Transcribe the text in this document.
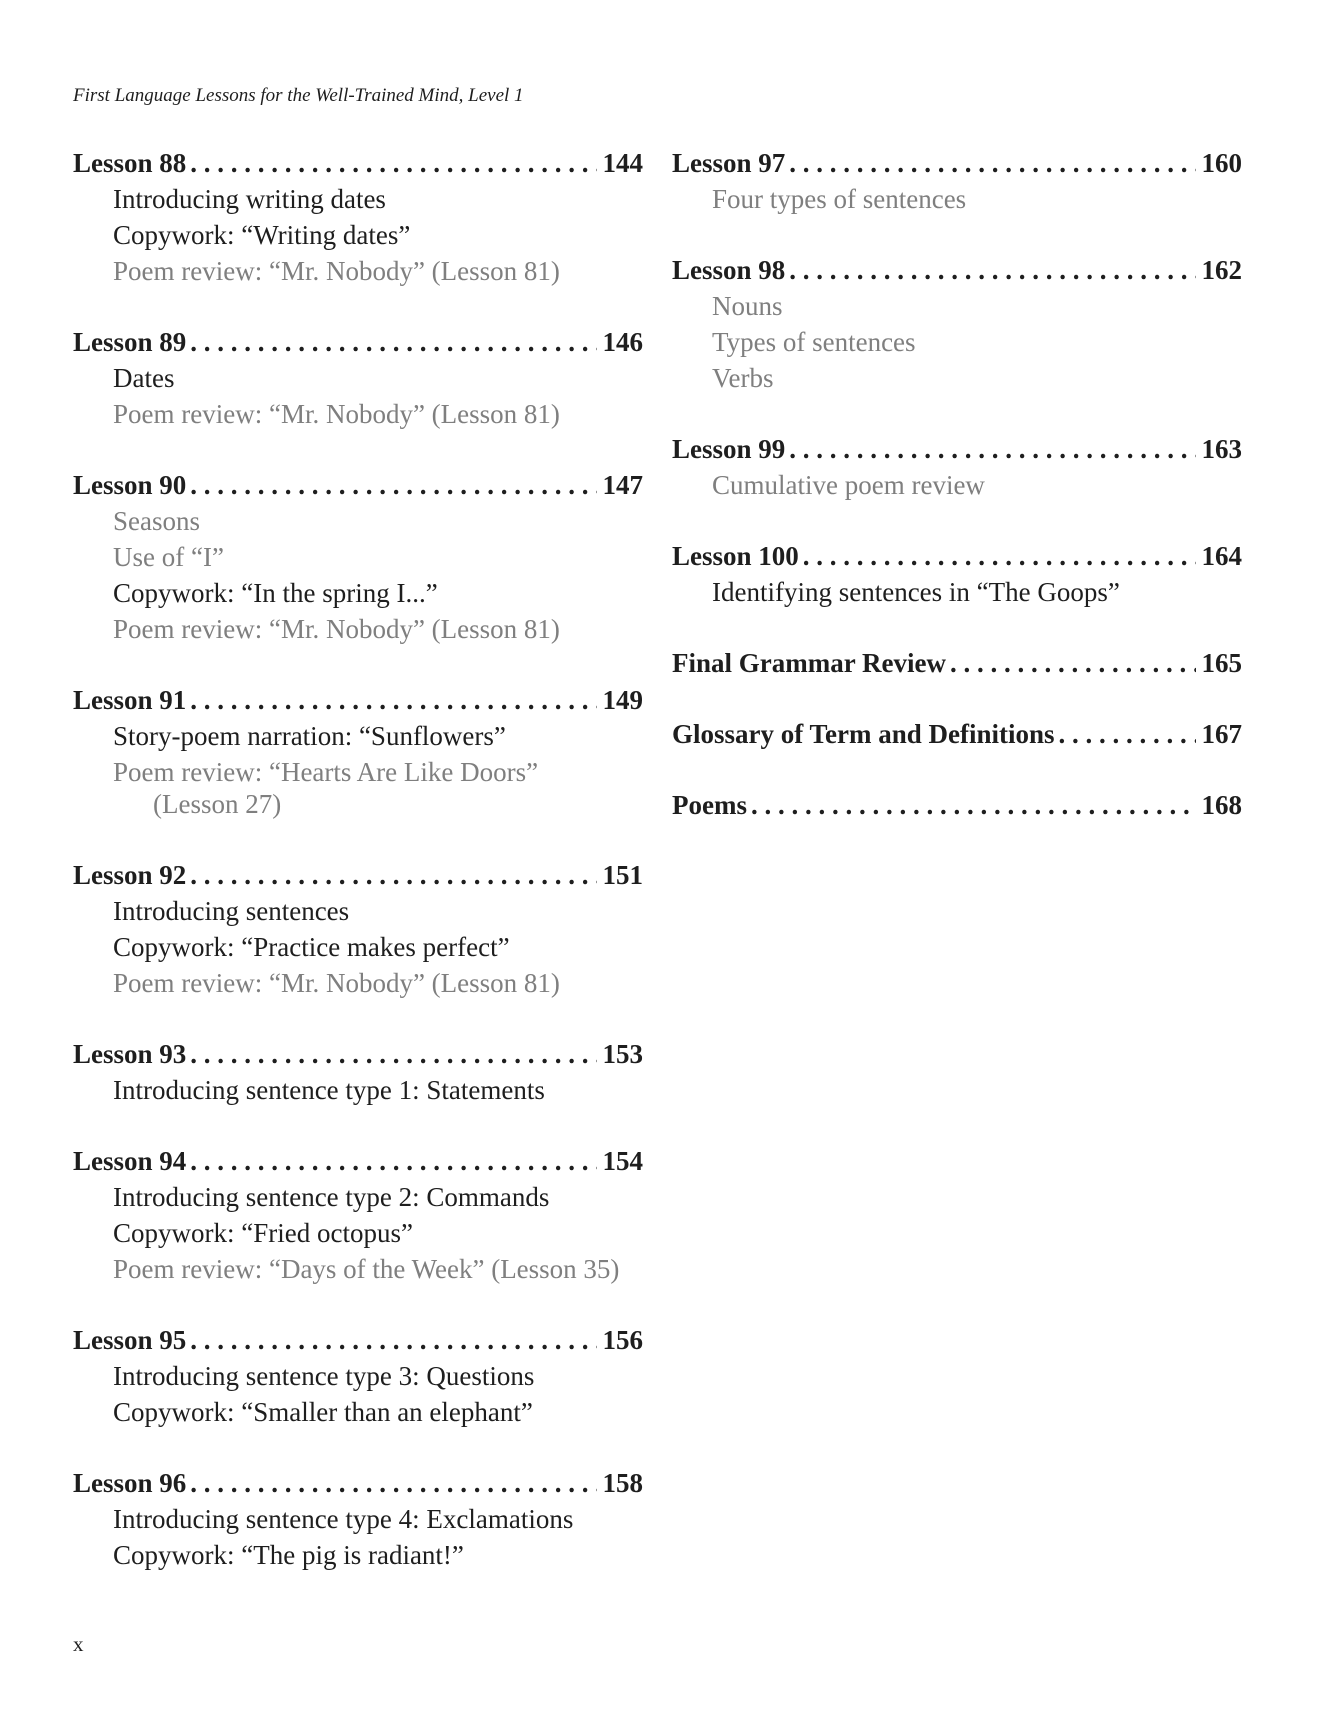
First Language Lessons for the Well-Trained Mind, Level 1
Lesson 88 . . .	144
Introducing writing dates
Copywork: “Writing dates”
Poem review: “Mr. Nobody” (Lesson 81)
Lesson 89 . . .	146
Dates
Poem review: “Mr. Nobody” (Lesson 81)
Lesson 90 . . .	147
Seasons
Use of “I”
Copywork: “In the spring I...”
Poem review: “Mr. Nobody” (Lesson 81)
Lesson 91 . . .	149
Story-poem narration: “Sunflowers”
Poem review: “Hearts Are Like Doors”
(Lesson 27)
Lesson 92 . . .	151
Introducing sentences
Copywork: “Practice makes perfect”
Poem review: “Mr. Nobody” (Lesson 81)
Lesson 93 . . .	153
Introducing sentence type 1: Statements
Lesson 94 . . .	154
Introducing sentence type 2: Commands
Copywork: “Fried octopus”
Poem review: “Days of the Week” (Lesson 35)
Lesson 95 . . .	156
Introducing sentence type 3: Questions
Copywork: “Smaller than an elephant”
Lesson 96 . . .	158
Introducing sentence type 4: Exclamations
Copywork: “The pig is radiant!”
Lesson 97 . . .	160
Four types of sentences
Lesson 98 . . .	162
Nouns
Types of sentences
Verbs
Lesson 99 . . .	163
Cumulative poem review
Lesson 100 . . .	164
Identifying sentences in “The Goops”
Final Grammar Review . . .	165
Glossary of Term and Definitions . . .	167
Poems . . .	168
x
